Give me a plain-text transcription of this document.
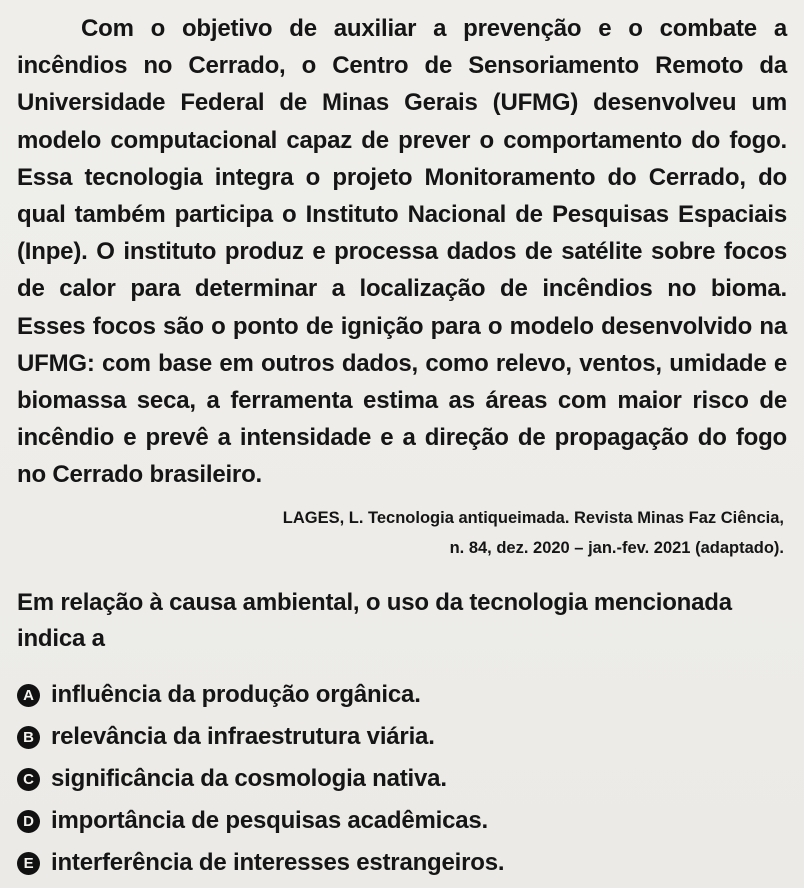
Com o objetivo de auxiliar a prevenção e o combate a incêndios no Cerrado, o Centro de Sensoriamento Remoto da Universidade Federal de Minas Gerais (UFMG) desenvolveu um modelo computacional capaz de prever o comportamento do fogo. Essa tecnologia integra o projeto Monitoramento do Cerrado, do qual também participa o Instituto Nacional de Pesquisas Espaciais (Inpe). O instituto produz e processa dados de satélite sobre focos de calor para determinar a localização de incêndios no bioma. Esses focos são o ponto de ignição para o modelo desenvolvido na UFMG: com base em outros dados, como relevo, ventos, umidade e biomassa seca, a ferramenta estima as áreas com maior risco de incêndio e prevê a intensidade e a direção de propagação do fogo no Cerrado brasileiro.

LAGES, L. Tecnologia antiqueimada. Revista Minas Faz Ciência,
n. 84, dez. 2020 – jan.-fev. 2021 (adaptado).

Em relação à causa ambiental, o uso da tecnologia mencionada indica a

A influência da produção orgânica.
B relevância da infraestrutura viária.
C significância da cosmologia nativa.
D importância de pesquisas acadêmicas.
E interferência de interesses estrangeiros.
